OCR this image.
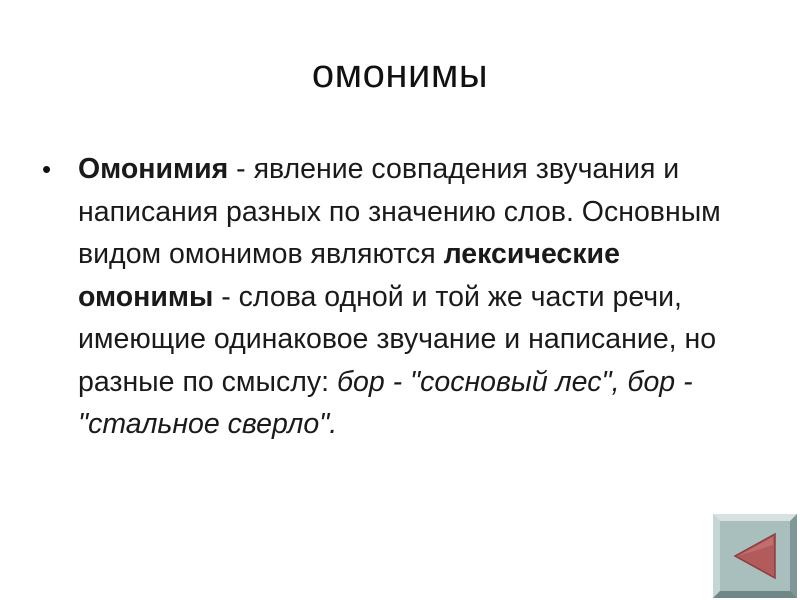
омонимы
• Омонимия - явление совпадения звучания и написания разных по значению слов. Основным видом омонимов являются лексические омонимы - слова одной и той же части речи, имеющие одинаковое звучание и написание, но разные по смыслу: бор - "сосновый лес", бор - "стальное сверло".
